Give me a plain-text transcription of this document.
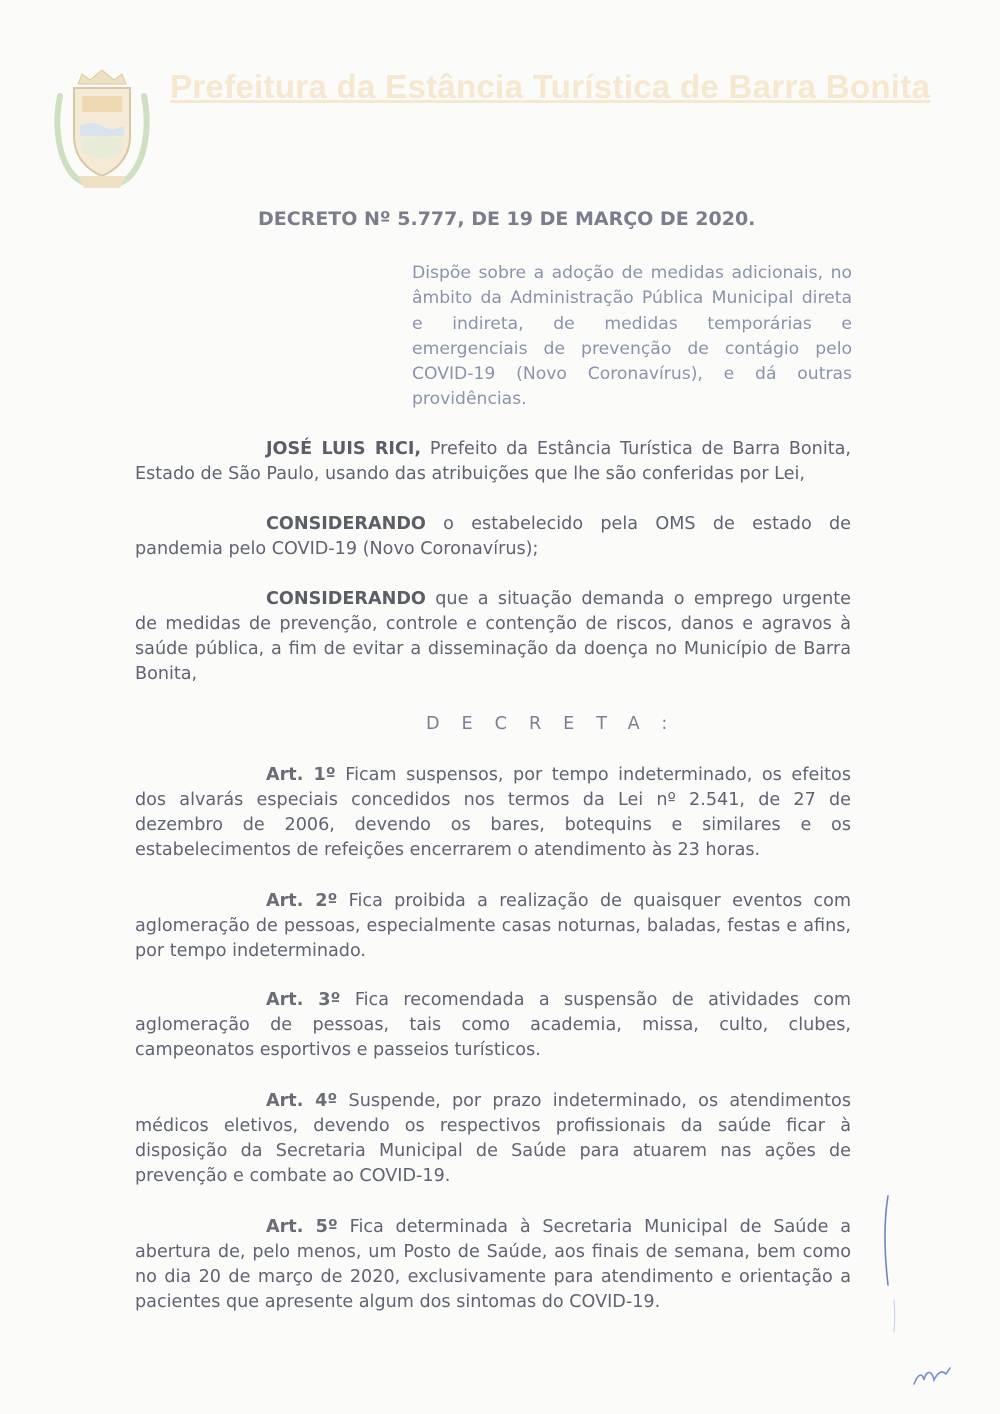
Prefeitura da Estância Turística de Barra Bonita
DECRETO Nº 5.777, DE 19 DE MARÇO DE 2020.

Dispõe sobre a adoção de medidas adicionais, no âmbito da Administração Pública Municipal direta e indireta, de medidas temporárias e emergenciais de prevenção de contágio pelo COVID-19 (Novo Coronavírus), e dá outras providências.

JOSÉ LUIS RICI, Prefeito da Estância Turística de Barra Bonita, Estado de São Paulo, usando das atribuições que lhe são conferidas por Lei,

CONSIDERANDO o estabelecido pela OMS de estado de pandemia pelo COVID-19 (Novo Coronavírus);

CONSIDERANDO que a situação demanda o emprego urgente de medidas de prevenção, controle e contenção de riscos, danos e agravos à saúde pública, a fim de evitar a disseminação da doença no Município de Barra Bonita,

DECRETA:

Art. 1º Ficam suspensos, por tempo indeterminado, os efeitos dos alvarás especiais concedidos nos termos da Lei nº 2.541, de 27 de dezembro de 2006, devendo os bares, botequins e similares e os estabelecimentos de refeições encerrarem o atendimento às 23 horas.

Art. 2º Fica proibida a realização de quaisquer eventos com aglomeração de pessoas, especialmente casas noturnas, baladas, festas e afins, por tempo indeterminado.

Art. 3º Fica recomendada a suspensão de atividades com aglomeração de pessoas, tais como academia, missa, culto, clubes, campeonatos esportivos e passeios turísticos.

Art. 4º Suspende, por prazo indeterminado, os atendimentos médicos eletivos, devendo os respectivos profissionais da saúde ficar à disposição da Secretaria Municipal de Saúde para atuarem nas ações de prevenção e combate ao COVID-19.

Art. 5º Fica determinada à Secretaria Municipal de Saúde a abertura de, pelo menos, um Posto de Saúde, aos finais de semana, bem como no dia 20 de março de 2020, exclusivamente para atendimento e orientação a pacientes que apresente algum dos sintomas do COVID-19.
